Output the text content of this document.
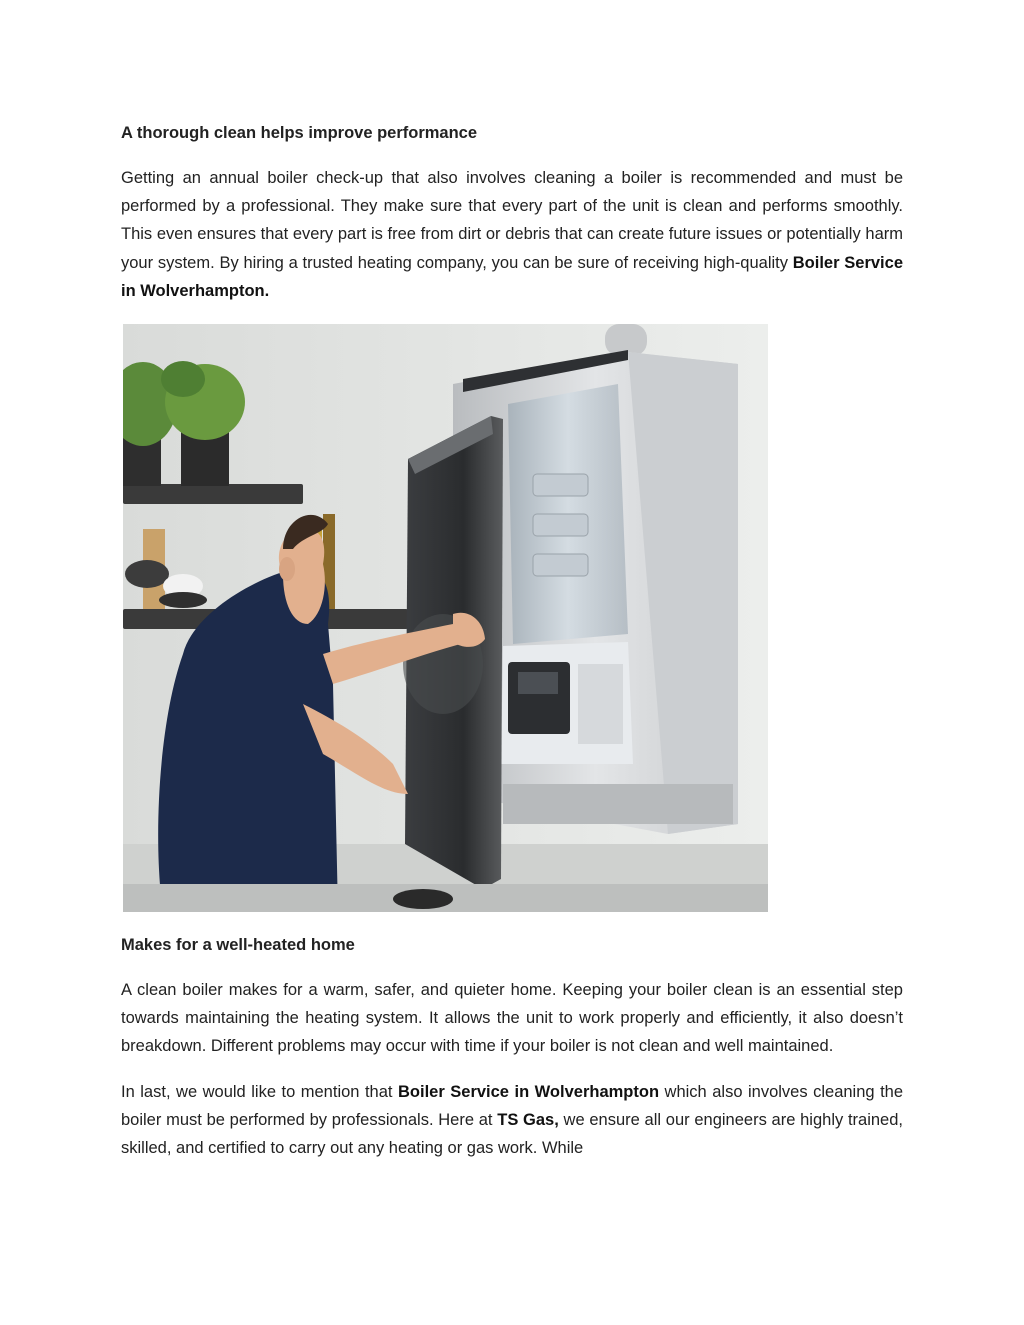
A thorough clean helps improve performance

Getting an annual boiler check-up that also involves cleaning a boiler is recommended and must be performed by a professional. They make sure that every part of the unit is clean and performs smoothly. This even ensures that every part is free from dirt or debris that can create future issues or potentially harm your system. By hiring a trusted heating company, you can be sure of receiving high-quality Boiler Service in Wolverhampton.

Makes for a well-heated home

A clean boiler makes for a warm, safer, and quieter home. Keeping your boiler clean is an essential step towards maintaining the heating system. It allows the unit to work properly and efficiently, it also doesn’t breakdown. Different problems may occur with time if your boiler is not clean and well maintained.

In last, we would like to mention that Boiler Service in Wolverhampton which also involves cleaning the boiler must be performed by professionals. Here at TS Gas, we ensure all our engineers are highly trained, skilled, and certified to carry out any heating or gas work. While
